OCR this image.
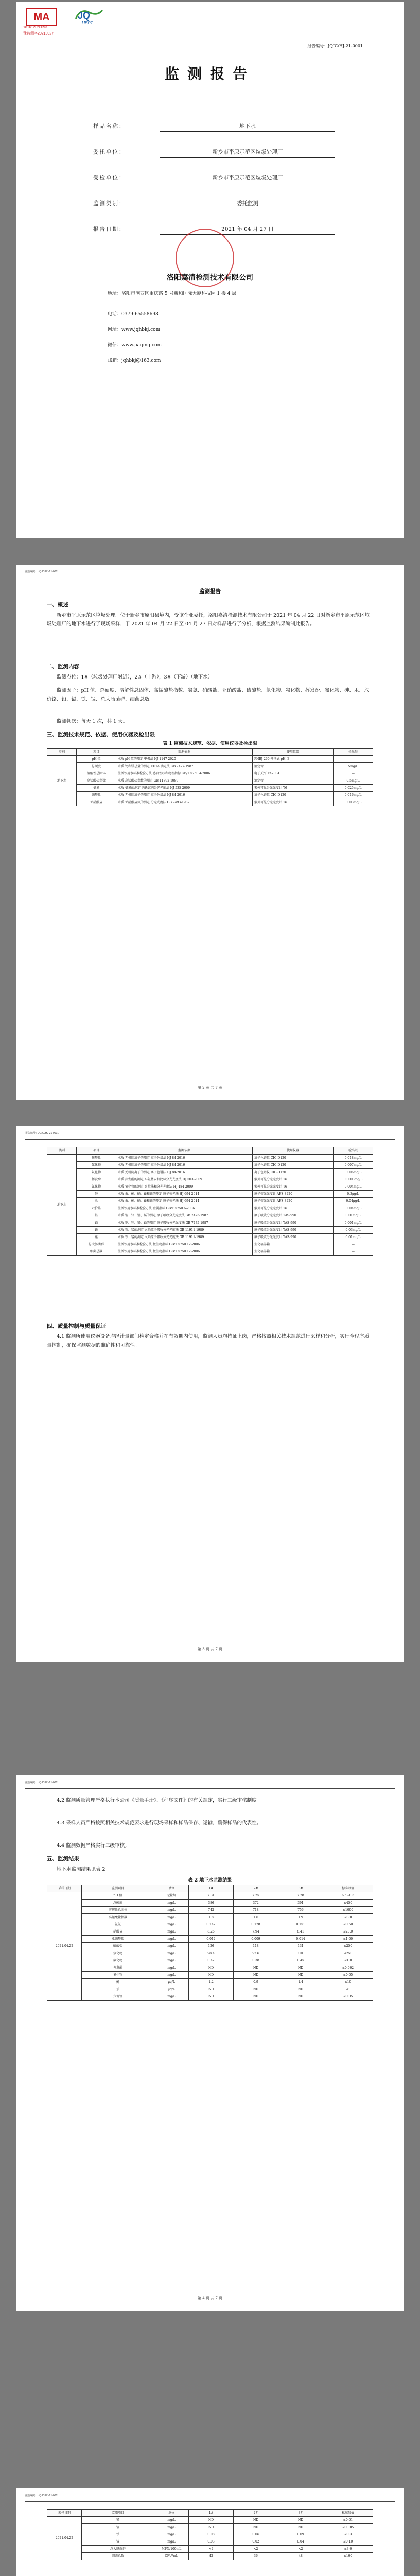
MA
161612050093
豫监测字20210027
JQ
JJEPT
报告编号：JQJC/HJ-21-0001
监测报告
样品名称：	地下水
委托单位：	新乡市平原示范区垃圾处理厂
受检单位：	新乡市平原示范区垃圾处理厂
监测类别：	委托监测
报告日期：	2021 年 04 月 27 日
洛阳嘉清检测技术有限公司
地址：洛阳市涧西区重庆路 5 号新和国际大厦科技园 1 楼 4 层
电话：0379-65558698
网址：www.jqhbkj.com
微信：www.jiaqing.com
邮箱：jqhbkj@163.com
报告编号：JQJC/HJ-21-0001
监测报告
一、概述
新乡市平原示范区垃圾处理厂位于新乡市原阳县境内，受该企业委托，洛阳嘉清检测技术有限公司于 2021 年 04 月 22 日对新乡市平原示范区垃圾处理厂的地下水进行了现场采样，于 2021 年 04 月 22 日至 04 月 27 日对样品进行了分析，根据监测结果编制此报告。
二、监测内容
监测点位：1#（垃圾处理厂附近），2#（上游），3#（下游）（地下水）
监测因子：pH 值、总硬度、溶解性总固体、高锰酸盐指数、氨氮、硝酸盐、亚硝酸盐、硫酸盐、氯化物、氟化物、挥发酚、氰化物、砷、汞、六价铬、铅、镉、铁、锰、总大肠菌群、细菌总数。
监测频次：每天 1 次，共 1 天。
三、监测技术规范、依据、使用仪器及检出限
表 1 监测技术规范、依据、使用仪器及检出限
类别	项目	监测依据	使用仪器	检出限
地下水	pH 值	水质 pH 值的测定 电极法 HJ 1147-2020	PHBJ-260 便携式 pH 计	—
	总硬度	水质 钙和镁总量的测定 EDTA 滴定法 GB 7477-1987	滴定管	5mg/L
	溶解性总固体	生活饮用水标准检验方法 感官性状和物理指标 GB/T 5750.4-2006	电子天平 FA2004	—
	高锰酸盐指数	水质 高锰酸盐指数的测定 GB 11892-1989	滴定管	0.5mg/L
	氨氮	水质 氨氮的测定 纳氏试剂分光光度法 HJ 535-2009	紫外可见分光光度计 T6	0.025mg/L
	硝酸盐	水质 无机阴离子的测定 离子色谱法 HJ 84-2016	离子色谱仪 CIC-D120	0.016mg/L
	亚硝酸盐	水质 亚硝酸盐氮的测定 分光光度法 GB 7493-1987	紫外可见分光光度计 T6	0.003mg/L
第 2 页 共 7 页
报告编号：JQJC/HJ-21-0001
类别	项目	监测依据	使用仪器	检出限
地下水	硫酸盐	水质 无机阴离子的测定 离子色谱法 HJ 84-2016	离子色谱仪 CIC-D120	0.018mg/L
	氯化物	水质 无机阴离子的测定 离子色谱法 HJ 84-2016	离子色谱仪 CIC-D120	0.007mg/L
	氟化物	水质 无机阴离子的测定 离子色谱法 HJ 84-2016	离子色谱仪 CIC-D120	0.006mg/L
	挥发酚	水质 挥发酚的测定 4-氨基安替比林分光光度法 HJ 503-2009	紫外可见分光光度计 T6	0.0003mg/L
	氰化物	水质 氰化物的测定 容量法和分光光度法 HJ 484-2009	紫外可见分光光度计 T6	0.004mg/L
	砷	水质 汞、砷、硒、铋和锑的测定 原子荧光法 HJ 694-2014	原子荧光光度计 AFS-8220	0.3μg/L
	汞	水质 汞、砷、硒、铋和锑的测定 原子荧光法 HJ 694-2014	原子荧光光度计 AFS-8220	0.04μg/L
	六价铬	生活饮用水标准检验方法 金属指标 GB/T 5750.6-2006	紫外可见分光光度计 T6	0.004mg/L
	铅	水质 铜、锌、铅、镉的测定 原子吸收分光光度法 GB 7475-1987	原子吸收分光光度计 TAS-990	0.01mg/L
	镉	水质 铜、锌、铅、镉的测定 原子吸收分光光度法 GB 7475-1987	原子吸收分光光度计 TAS-990	0.001mg/L
	铁	水质 铁、锰的测定 火焰原子吸收分光光度法 GB 11911-1989	原子吸收分光光度计 TAS-990	0.03mg/L
	锰	水质 铁、锰的测定 火焰原子吸收分光光度法 GB 11911-1989	原子吸收分光光度计 TAS-990	0.01mg/L
	总大肠菌群	生活饮用水标准检验方法 微生物指标 GB/T 5750.12-2006	生化培养箱	—
	细菌总数	生活饮用水标准检验方法 微生物指标 GB/T 5750.12-2006	生化培养箱	—
四、质量控制与质量保证
4.1 监测所使用仪器设备均经计量部门检定合格并在有效期内使用，监测人员均持证上岗，严格按照相关技术规范进行采样和分析，实行全程序质量控制，确保监测数据的准确性和可靠性。
第 3 页 共 7 页
报告编号：JQJC/HJ-21-0001
4.2 监测质量管理严格执行本公司《质量手册》、《程序文件》的有关规定，实行三级审核制度。
4.3 采样人员严格按照相关技术规范要求进行现场采样和样品保存、运输，确保样品的代表性。
4.4 监测数据严格实行三级审核。
五、监测结果
地下水监测结果见表 2。
表 2 地下水监测结果
采样日期	监测项目	单位	1#	2#	3#	标准限值
2021.04.22	pH 值	无量纲	7.31	7.25	7.28	6.5~8.5
	总硬度	mg/L	386	372	391	≤450
	溶解性总固体	mg/L	742	718	756	≤1000
	高锰酸盐指数	mg/L	1.8	1.6	1.9	≤3.0
	氨氮	mg/L	0.142	0.128	0.151	≤0.50
	硝酸盐	mg/L	8.26	7.94	8.41	≤20.0
	亚硝酸盐	mg/L	0.012	0.009	0.014	≤1.00
	硫酸盐	mg/L	126	118	131	≤250
	氯化物	mg/L	98.4	92.6	101	≤250
	氟化物	mg/L	0.42	0.38	0.45	≤1.0
	挥发酚	mg/L	ND	ND	ND	≤0.002
	氰化物	mg/L	ND	ND	ND	≤0.05
	砷	μg/L	1.2	0.9	1.4	≤10
	汞	μg/L	ND	ND	ND	≤1
	六价铬	mg/L	ND	ND	ND	≤0.05
第 4 页 共 7 页
报告编号：JQJC/HJ-21-0001
采样日期	监测项目	单位	1#	2#	3#	标准限值
2021.04.22	铅	mg/L	ND	ND	ND	≤0.01
	镉	mg/L	ND	ND	ND	≤0.005
	铁	mg/L	0.08	0.06	0.09	≤0.3
	锰	mg/L	0.03	0.02	0.04	≤0.10
	总大肠菌群	MPN/100mL	<2	<2	<2	≤3.0
	细菌总数	CFU/mL	42	36	48	≤100
